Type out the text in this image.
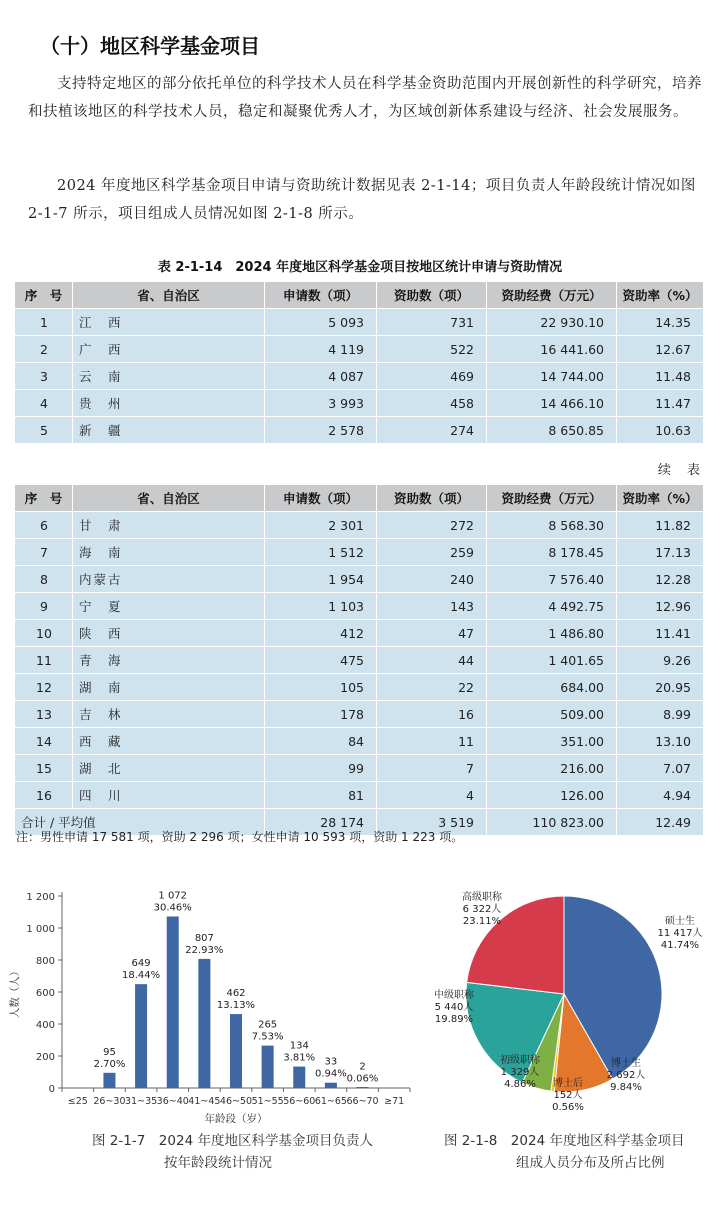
（十）地区科学基金项目
支持特定地区的部分依托单位的科学技术人员在科学基金资助范围内开展创新性的科学研究，培养和扶植该地区的科学技术人员，稳定和凝聚优秀人才，为区域创新体系建设与经济、社会发展服务。
2024 年度地区科学基金项目申请与资助统计数据见表 2-1-14；项目负责人年龄段统计情况如图 2-1-7 所示，项目组成人员情况如图 2-1-8 所示。
表 2-1-14　2024 年度地区科学基金项目按地区统计申请与资助情况
序　号	省、自治区	申请数（项）	资助数（项）	资助经费（万元）	资助率（%）
1	江　西	5 093	731	22 930.10	14.35
2	广　西	4 119	522	16 441.60	12.67
3	云　南	4 087	469	14 744.00	11.48
4	贵　州	3 993	458	14 466.10	11.47
5	新　疆	2 578	274	8 650.85	10.63
续 表
序　号	省、自治区	申请数（项）	资助数（项）	资助经费（万元）	资助率（%）
6	甘　肃	2 301	272	8 568.30	11.82
7	海　南	1 512	259	8 178.45	17.13
8	内蒙古	1 954	240	7 576.40	12.28
9	宁　夏	1 103	143	4 492.75	12.96
10	陕　西	412	47	1 486.80	11.41
11	青　海	475	44	1 401.65	9.26
12	湖　南	105	22	684.00	20.95
13	吉　林	178	16	509.00	8.99
14	西　藏	84	11	351.00	13.10
15	湖　北	99	7	216.00	7.07
16	四　川	81	4	126.00	4.94
合计 / 平均值		28 174	3 519	110 823.00	12.49
注：男性申请 17 581 项，资助 2 296 项；女性申请 10 593 项，资助 1 223 项。
0
200
400
600
800
1 000
1 200
≤25 26~30
95
2.70%
31~35
649
18.44%
36~40
1 072
30.46%
41~45
807
22.93%
46~50
462
13.13%
51~55
265
7.53%
56~60
134
3.81%
61~65
33
0.94%
66~70
2
0.06%
≥71
年龄段（岁）
人数（人）
硕士生
11 417人
41.74%
博士生
2 692人
9.84%
博士后
152人
0.56%
初级职称
1 329人
4.86%
中级职称
5 440人
19.89%
高级职称
6 322人
23.11%
图 2-1-7　2024 年度地区科学基金项目负责人
按年龄段统计情况
图 2-1-8　2024 年度地区科学基金项目
组成人员分布及所占比例
